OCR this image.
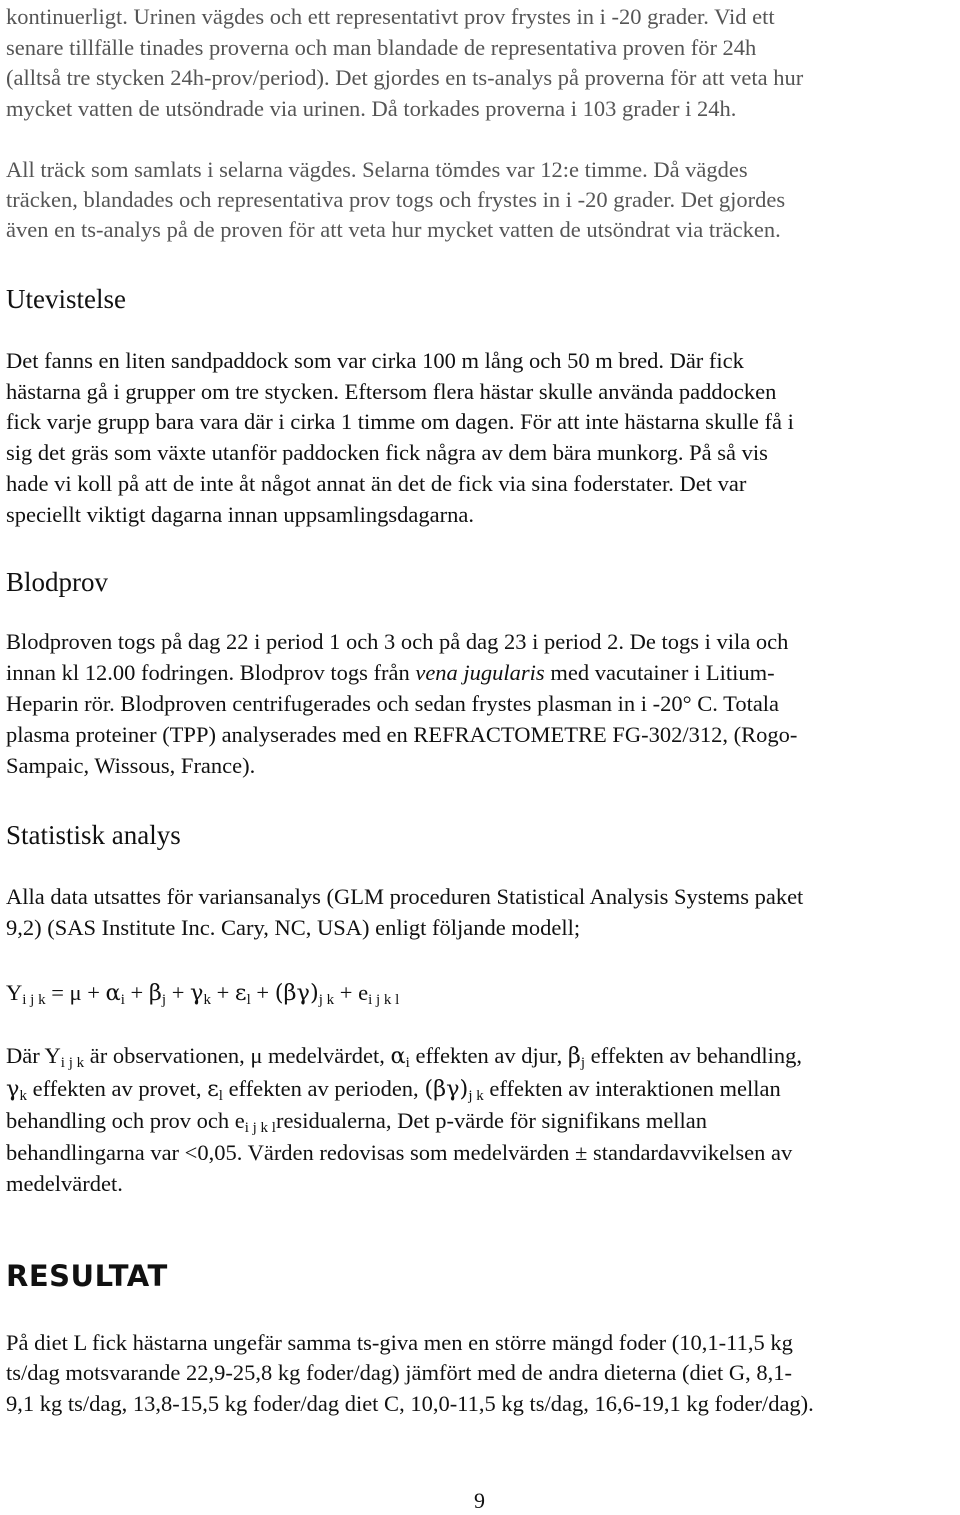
kontinuerligt. Urinen vägdes och ett representativt prov frystes in i -20 grader. Vid ett
senare tillfälle tinades proverna och man blandade de representativa proven för 24h
(alltså tre stycken 24h-prov/period). Det gjordes en ts-analys på proverna för att veta hur
mycket vatten de utsöndrade via urinen. Då torkades proverna i 103 grader i 24h.
All träck som samlats i selarna vägdes. Selarna tömdes var 12:e timme. Då vägdes
träcken, blandades och representativa prov togs och frystes in i -20 grader. Det gjordes
även en ts-analys på de proven för att veta hur mycket vatten de utsöndrat via träcken.
Utevistelse
Det fanns en liten sandpaddock som var cirka 100 m lång och 50 m bred. Där fick
hästarna gå i grupper om tre stycken. Eftersom flera hästar skulle använda paddocken
fick varje grupp bara vara där i cirka 1 timme om dagen. För att inte hästarna skulle få i
sig det gräs som växte utanför paddocken fick några av dem bära munkorg. På så vis
hade vi koll på att de inte åt något annat än det de fick via sina foderstater. Det var
speciellt viktigt dagarna innan uppsamlingsdagarna.
Blodprov
Blodproven togs på dag 22 i period 1 och 3 och på dag 23 i period 2. De togs i vila och
innan kl 12.00 fodringen. Blodprov togs från vena jugularis med vacutainer i Litium-
Heparin rör. Blodproven centrifugerades och sedan frystes plasman in i -20° C. Totala
plasma proteiner (TPP) analyserades med en REFRACTOMETRE FG-302/312, (Rogo-
Sampaic, Wissous, France).
Statistisk analys
Alla data utsattes för variansanalys (GLM proceduren Statistical Analysis Systems paket
9,2) (SAS Institute Inc. Cary, NC, USA) enligt följande modell;
$Y_{i j k} = \mu + \alpha_i + \beta_j + \gamma_k + \varepsilon_l + (\beta\gamma)_{j k} + e_{i j k l}$
Där $Y_{i j k}$ är observationen, μ medelvärdet, $\alpha_i$ effekten av djur, $\beta_j$ effekten av behandling,
$\gamma_k$ effekten av provet, $\varepsilon_l$ effekten av perioden, $(\beta\gamma)_{j k}$ effekten av interaktionen mellan
behandling och prov och $e_{i j k l}residualerna$, Det p-värde för signifikans mellan
behandlingarna var <0,05. Värden redovisas som medelvärden ± standardavvikelsen av
medelvärdet.
RESULTAT
På diet L fick hästarna ungefär samma ts-giva men en större mängd foder (10,1-11,5 kg
ts/dag motsvarande 22,9-25,8 kg foder/dag) jämfört med de andra dieterna (diet G, 8,1-
9,1 kg ts/dag, 13,8-15,5 kg foder/dag diet C, 10,0-11,5 kg ts/dag, 16,6-19,1 kg foder/dag).
9
